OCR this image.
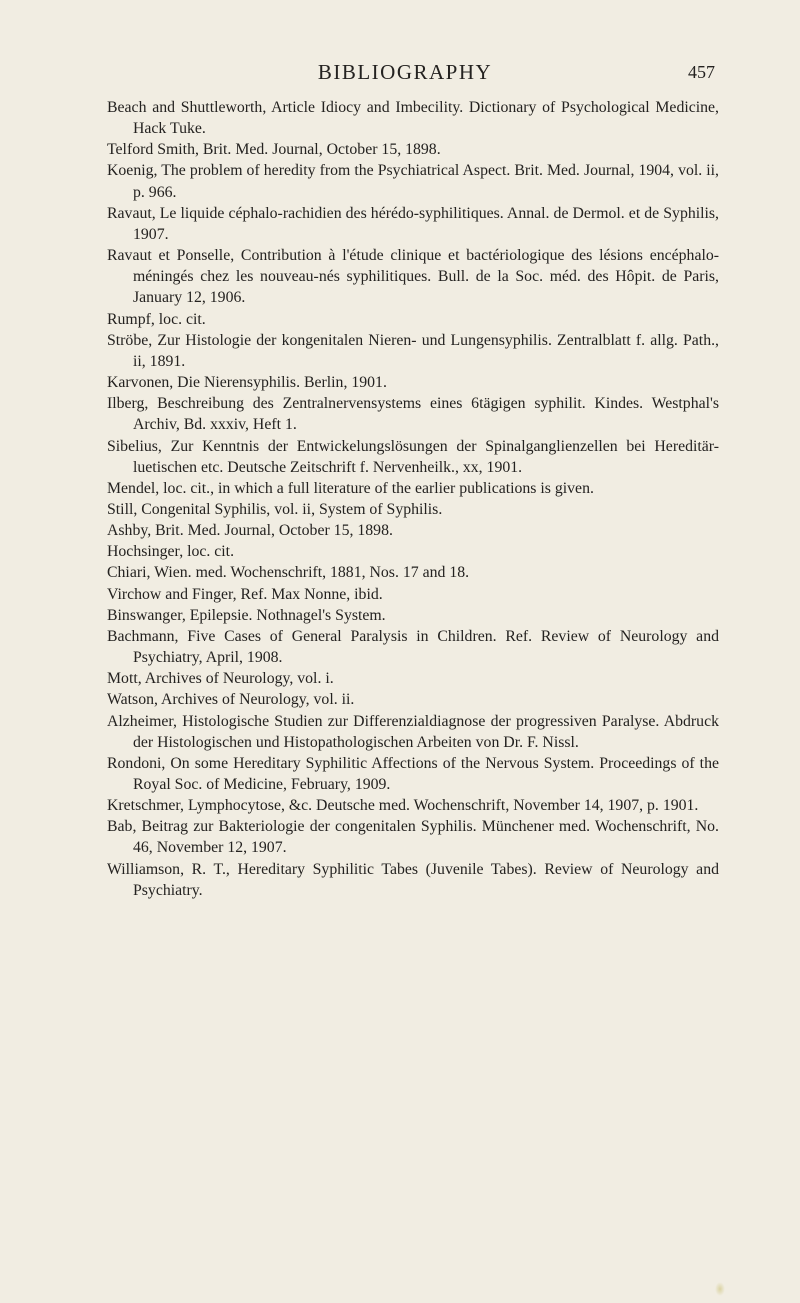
BIBLIOGRAPHY	457
Beach and Shuttleworth, Article Idiocy and Imbecility. Dictionary of Psychological Medicine, Hack Tuke.
Telford Smith, Brit. Med. Journal, October 15, 1898.
Koenig, The problem of heredity from the Psychiatrical Aspect. Brit. Med. Journal, 1904, vol. ii, p. 966.
Ravaut, Le liquide céphalo-rachidien des hérédo-syphilitiques. Annal. de Dermol. et de Syphilis, 1907.
Ravaut et Ponselle, Contribution à l'étude clinique et bactériologique des lésions encéphalo-méningés chez les nouveau-nés syphilitiques. Bull. de la Soc. méd. des Hôpit. de Paris, January 12, 1906.
Rumpf, loc. cit.
Ströbe, Zur Histologie der kongenitalen Nieren- und Lungensyphilis. Zentralblatt f. allg. Path., ii, 1891.
Karvonen, Die Nierensyphilis. Berlin, 1901.
Ilberg, Beschreibung des Zentralnervensystems eines 6tägigen syphilit. Kindes. Westphal's Archiv, Bd. xxxiv, Heft 1.
Sibelius, Zur Kenntnis der Entwickelungslösungen der Spinalganglienzellen bei Hereditär-luetischen etc. Deutsche Zeitschrift f. Nervenheilk., xx, 1901.
Mendel, loc. cit., in which a full literature of the earlier publications is given.
Still, Congenital Syphilis, vol. ii, System of Syphilis.
Ashby, Brit. Med. Journal, October 15, 1898.
Hochsinger, loc. cit.
Chiari, Wien. med. Wochenschrift, 1881, Nos. 17 and 18.
Virchow and Finger, Ref. Max Nonne, ibid.
Binswanger, Epilepsie. Nothnagel's System.
Bachmann, Five Cases of General Paralysis in Children. Ref. Review of Neurology and Psychiatry, April, 1908.
Mott, Archives of Neurology, vol. i.
Watson, Archives of Neurology, vol. ii.
Alzheimer, Histologische Studien zur Differenzialdiagnose der progressiven Paralyse. Abdruck der Histologischen und Histopathologischen Arbeiten von Dr. F. Nissl.
Rondoni, On some Hereditary Syphilitic Affections of the Nervous System. Proceedings of the Royal Soc. of Medicine, February, 1909.
Kretschmer, Lymphocytose, &c. Deutsche med. Wochenschrift, November 14, 1907, p. 1901.
Bab, Beitrag zur Bakteriologie der congenitalen Syphilis. Münchener med. Wochenschrift, No. 46, November 12, 1907.
Williamson, R. T., Hereditary Syphilitic Tabes (Juvenile Tabes). Review of Neurology and Psychiatry.
